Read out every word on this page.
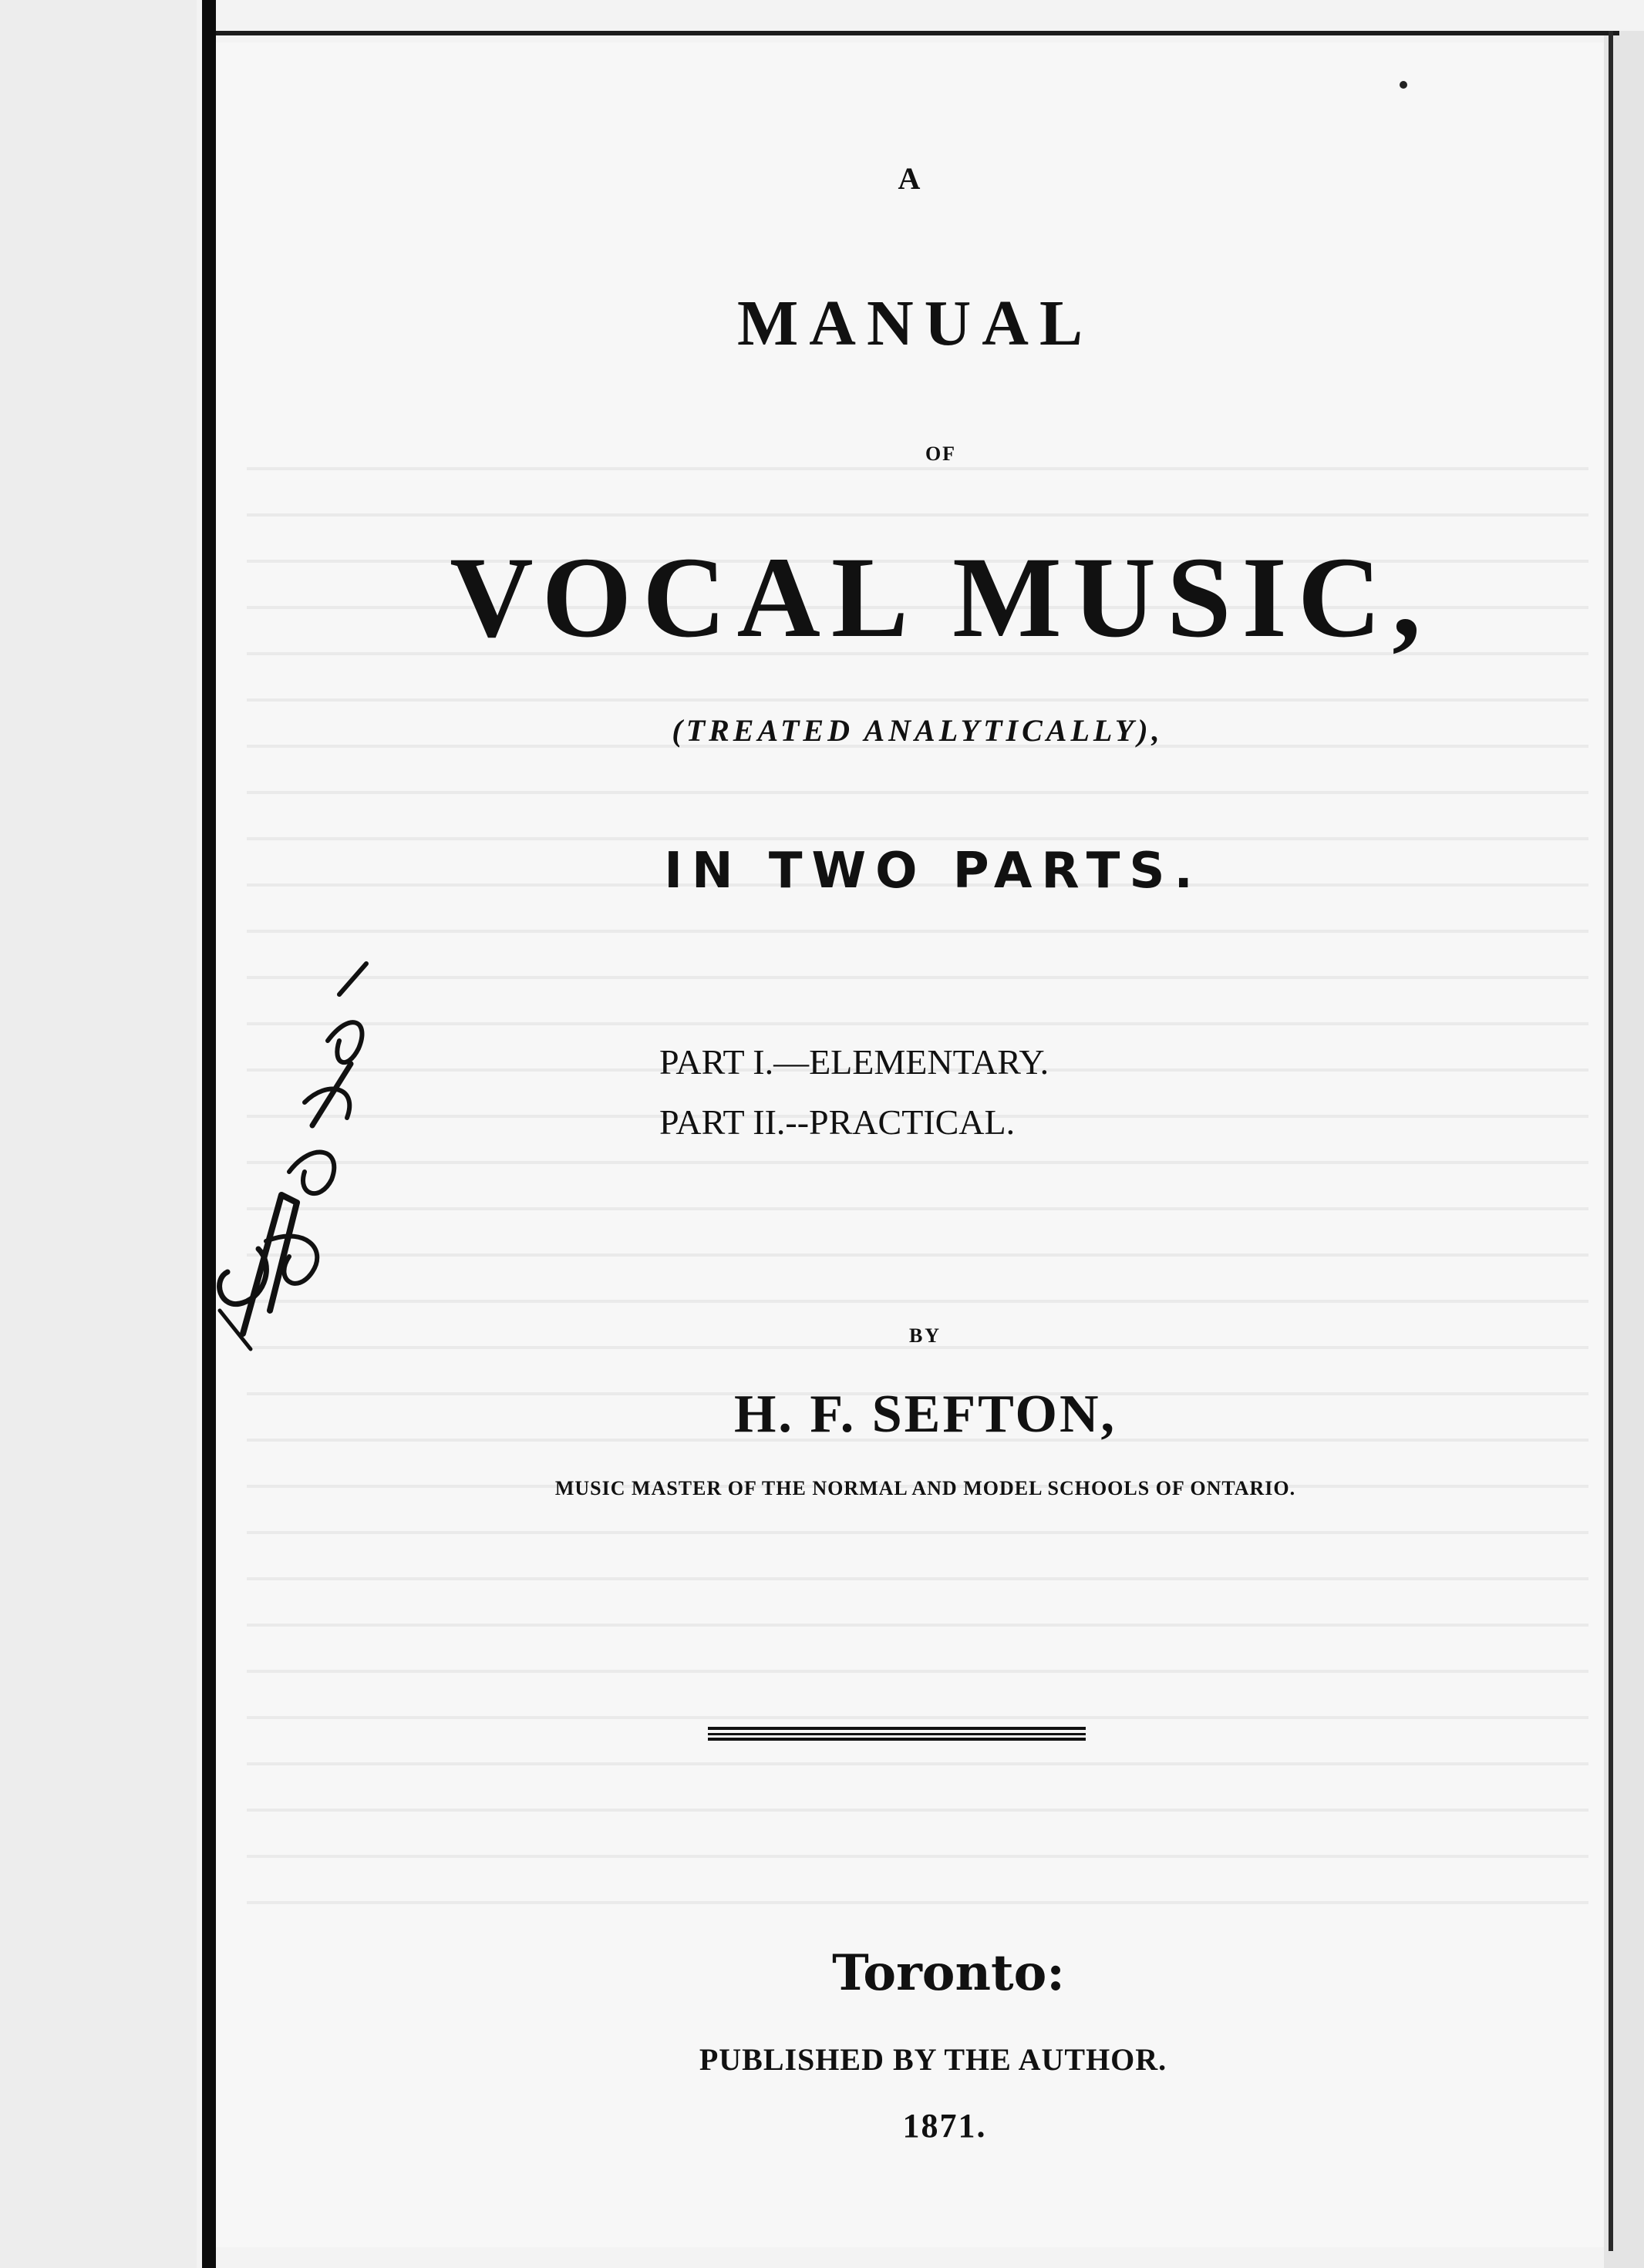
A
MANUAL
OF
VOCAL MUSIC,
(TREATED ANALYTICALLY),
IN TWO PARTS.
PART I.—ELEMENTARY.
PART II.--PRACTICAL.
BY
H. F. SEFTON,
MUSIC MASTER OF THE NORMAL AND MODEL SCHOOLS OF ONTARIO.
Toronto:
PUBLISHED BY THE AUTHOR.
1871.
